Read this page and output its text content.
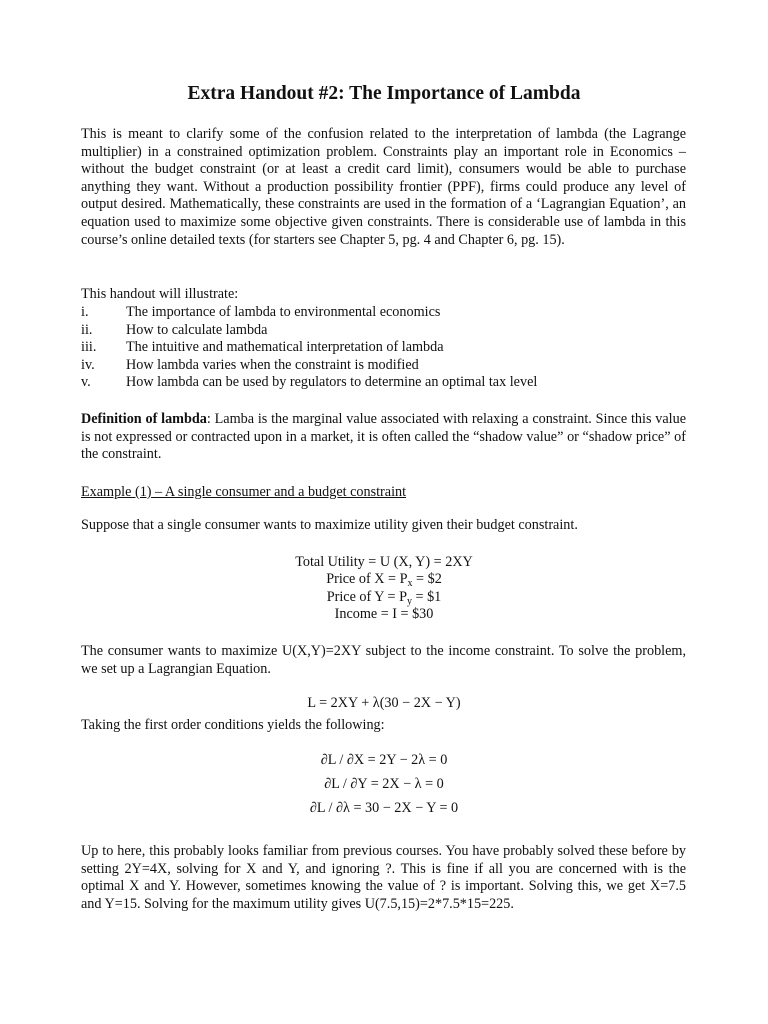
Extra Handout #2: The Importance of Lambda
This is meant to clarify some of the confusion related to the interpretation of lambda (the Lagrange multiplier) in a constrained optimization problem. Constraints play an important role in Economics – without the budget constraint (or at least a credit card limit), consumers would be able to purchase anything they want. Without a production possibility frontier (PPF), firms could produce any level of output desired. Mathematically, these constraints are used in the formation of a ‘Lagrangian Equation’, an equation used to maximize some objective given constraints. There is considerable use of lambda in this course’s online detailed texts (for starters see Chapter 5, pg. 4 and Chapter 6, pg. 15).
This handout will illustrate:
i.	The importance of lambda to environmental economics
ii. How to calculate lambda
iii. The intuitive and mathematical interpretation of lambda
iv. How lambda varies when the constraint is modified
v. How lambda can be used by regulators to determine an optimal tax level
Definition of lambda: Lamba is the marginal value associated with relaxing a constraint. Since this value is not expressed or contracted upon in a market, it is often called the “shadow value” or “shadow price” of the constraint.
Example (1) – A single consumer and a budget constraint
Suppose that a single consumer wants to maximize utility given their budget constraint.
Total Utility = U (X, Y) = 2XY
Price of $X = P_x$ = $2
Price of $Y = P_y$ = $1
Income = I = $30
The consumer wants to maximize U(X,Y)=2XY subject to the income constraint. To solve the problem, we set up a Lagrangian Equation.
L = 2XY + λ(30 − 2X − Y)
Taking the first order conditions yields the following:
∂L / ∂X = 2Y − 2λ = 0
∂L / ∂Y = 2X − λ = 0
∂L / ∂λ = 30 − 2X − Y = 0
Up to here, this probably looks familiar from previous courses. You have probably solved these before by setting 2Y=4X, solving for X and Y, and ignoring ?. This is fine if all you are concerned with is the optimal X and Y. However, sometimes knowing the value of ? is important. Solving this, we get X=7.5 and Y=15. Solving for the maximum utility gives U(7.5,15)=2*7.5*15=225.
